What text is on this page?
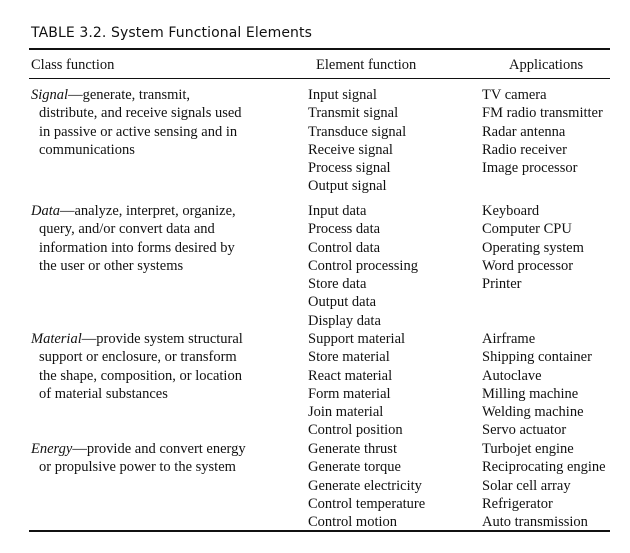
TABLE 3.2. System Functional Elements
Class function	Element function	Applications
Signal—generate, transmit,
distribute, and receive signals used
in passive or active sensing and in
communications
Input signal
Transmit signal
Transduce signal
Receive signal
Process signal
Output signal
TV camera
FM radio transmitter
Radar antenna
Radio receiver
Image processor
Data—analyze, interpret, organize,
query, and/or convert data and
information into forms desired by
the user or other systems
Input data
Process data
Control data
Control processing
Store data
Output data
Display data
Keyboard
Computer CPU
Operating system
Word processor
Printer
Material—provide system structural
support or enclosure, or transform
the shape, composition, or location
of material substances
Support material
Store material
React material
Form material
Join material
Control position
Airframe
Shipping container
Autoclave
Milling machine
Welding machine
Servo actuator
Energy—provide and convert energy
or propulsive power to the system
Generate thrust
Generate torque
Generate electricity
Control temperature
Control motion
Turbojet engine
Reciprocating engine
Solar cell array
Refrigerator
Auto transmission
